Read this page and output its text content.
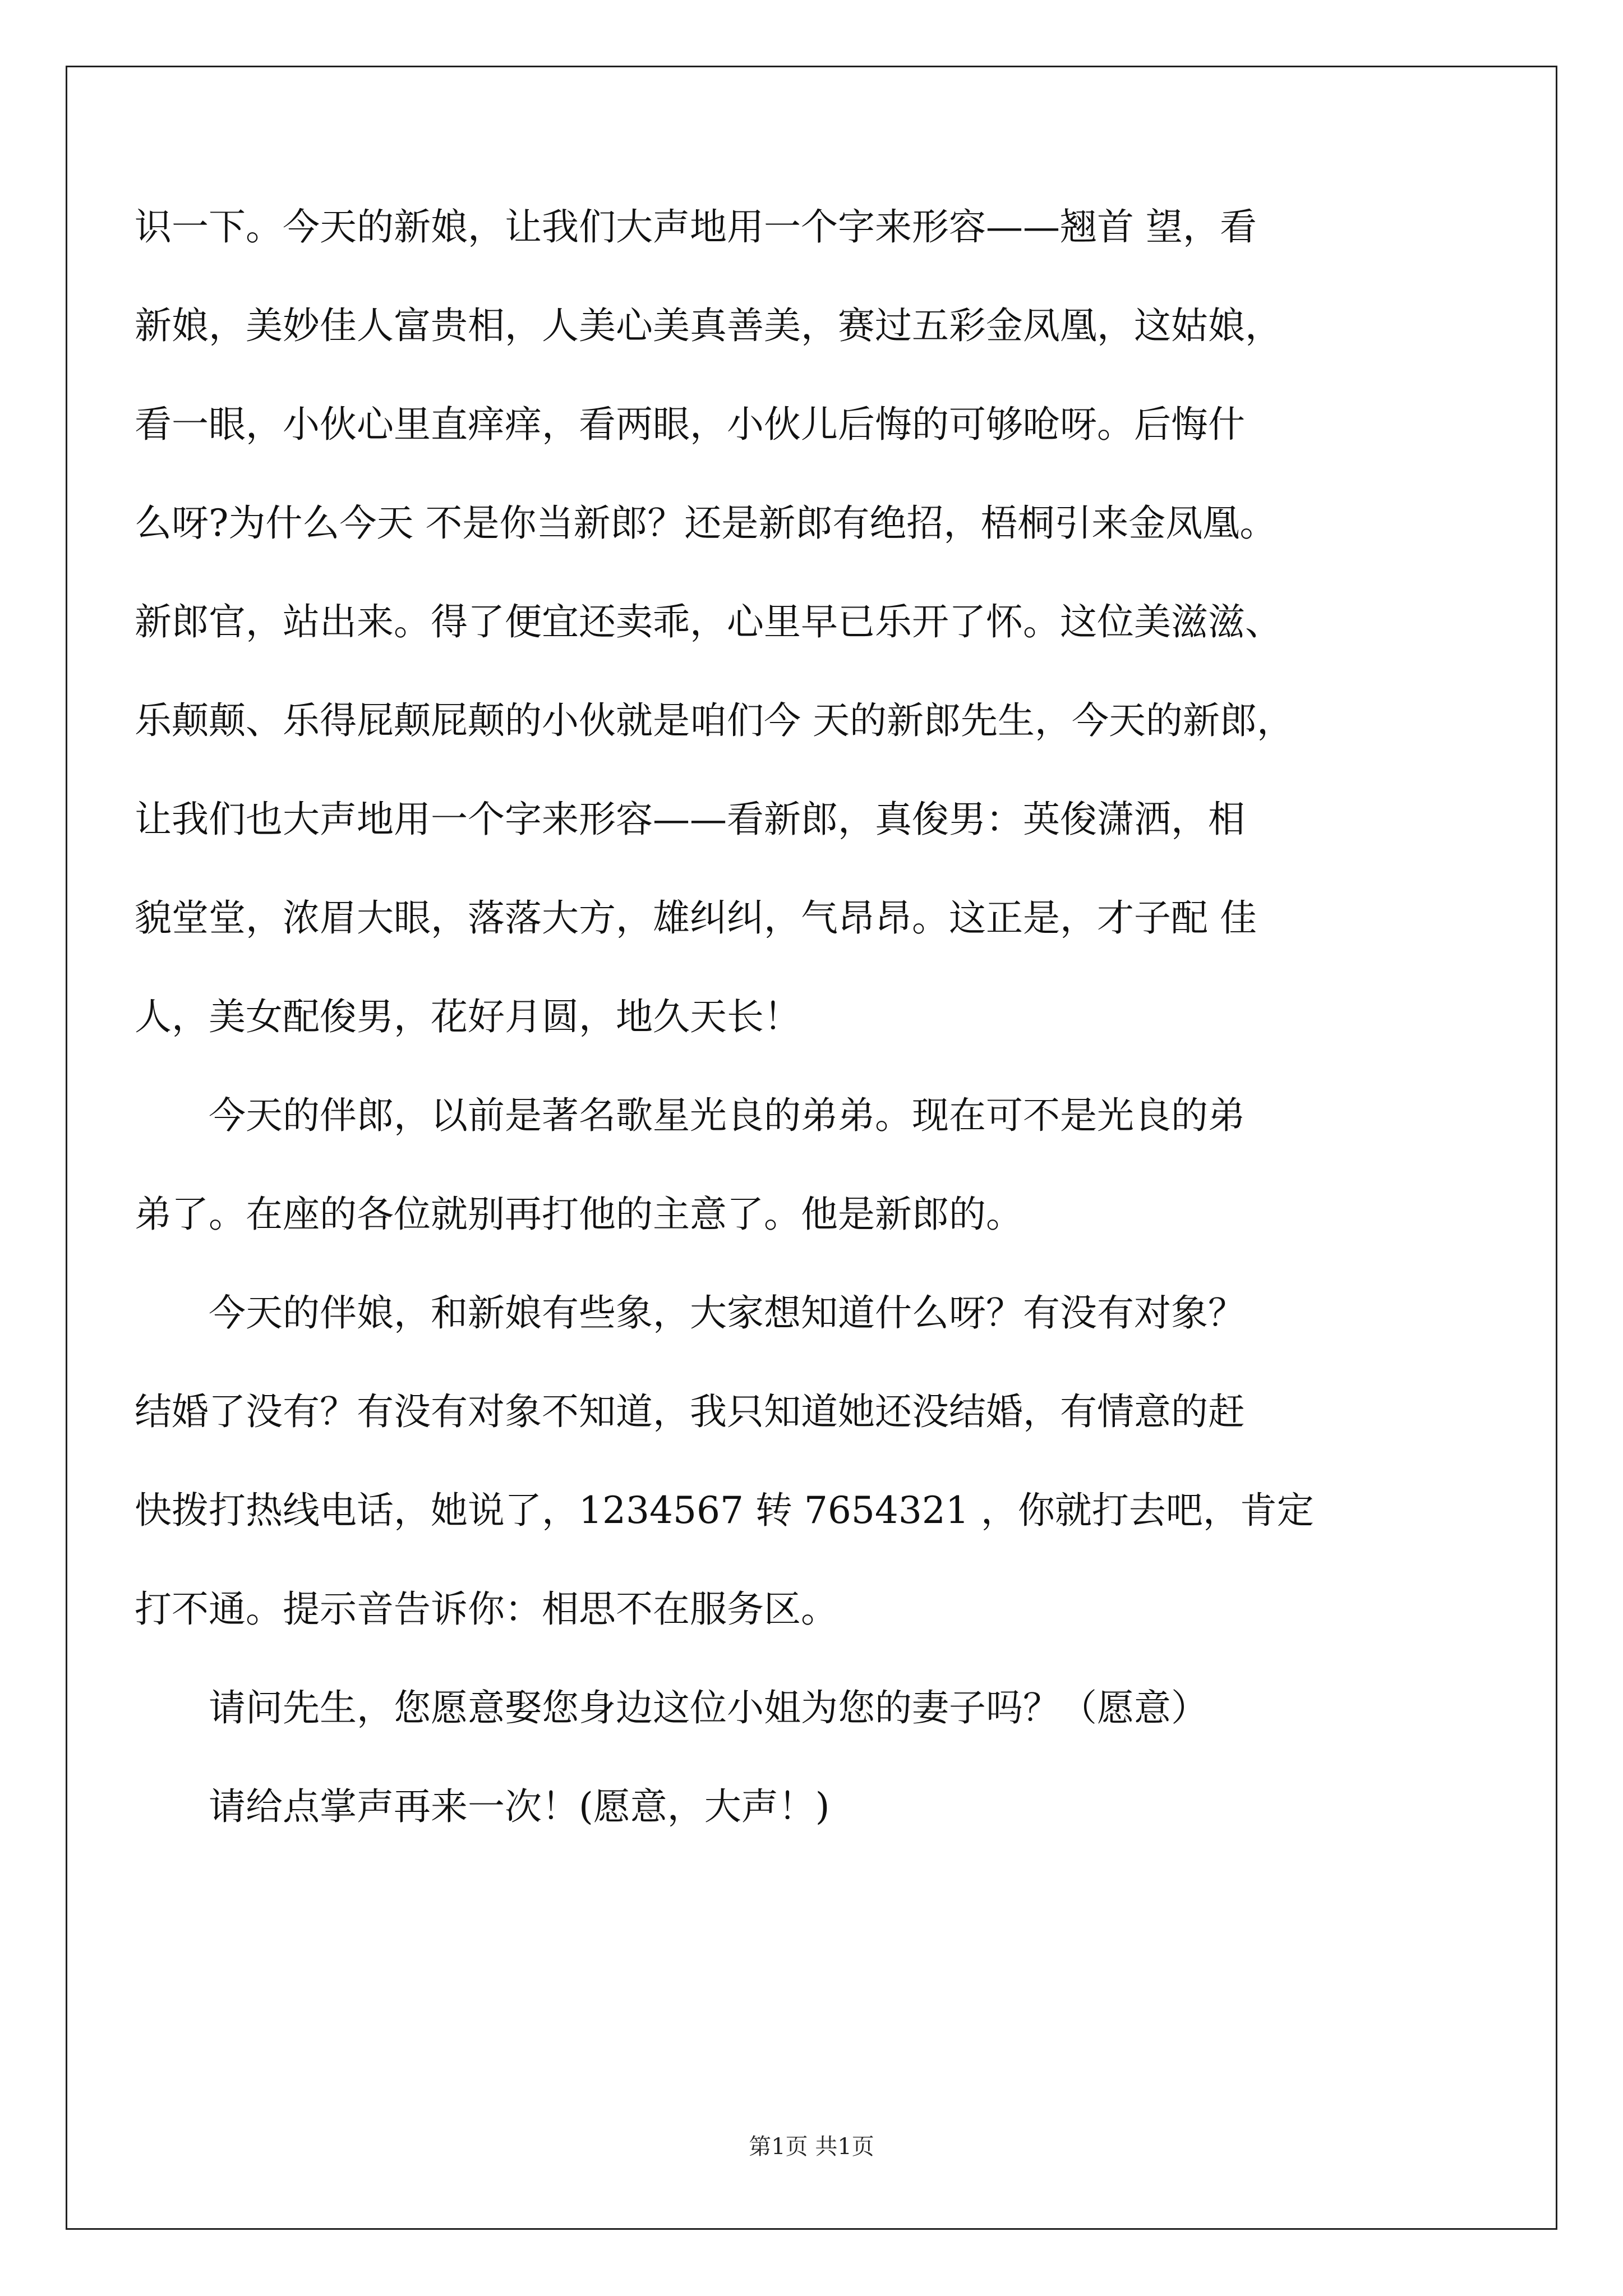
识一下。今天的新娘，让我们大声地用一个字来形容——翘首 望，看
新娘，美妙佳人富贵相，人美心美真善美，赛过五彩金凤凰，这姑娘，
看一眼，小伙心里直痒痒，看两眼，小伙儿后悔的可够呛呀。后悔什
么呀?为什么今天 不是你当新郎？还是新郎有绝招，梧桐引来金凤凰。
新郎官，站出来。得了便宜还卖乖，心里早已乐开了怀。这位美滋滋、
乐颠颠、乐得屁颠屁颠的小伙就是咱们今 天的新郎先生，今天的新郎，
让我们也大声地用一个字来形容——看新郎，真俊男：英俊潇洒，相
貌堂堂，浓眉大眼，落落大方，雄纠纠，气昂昂。这正是，才子配 佳
人，美女配俊男，花好月圆，地久天长！
今天的伴郎，以前是著名歌星光良的弟弟。现在可不是光良的弟
弟了。在座的各位就别再打他的主意了。他是新郎的。
今天的伴娘，和新娘有些象，大家想知道什么呀？有没有对象？
结婚了没有？有没有对象不知道，我只知道她还没结婚，有情意的赶
快拨打热线电话，她说了，1234567 转 7654321 ，你就打去吧，肯定
打不通。提示音告诉你：相思不在服务区。
请问先生，您愿意娶您身边这位小姐为您的妻子吗？（愿意）
请给点掌声再来一次！(愿意，大声！)
第1页 共1页
